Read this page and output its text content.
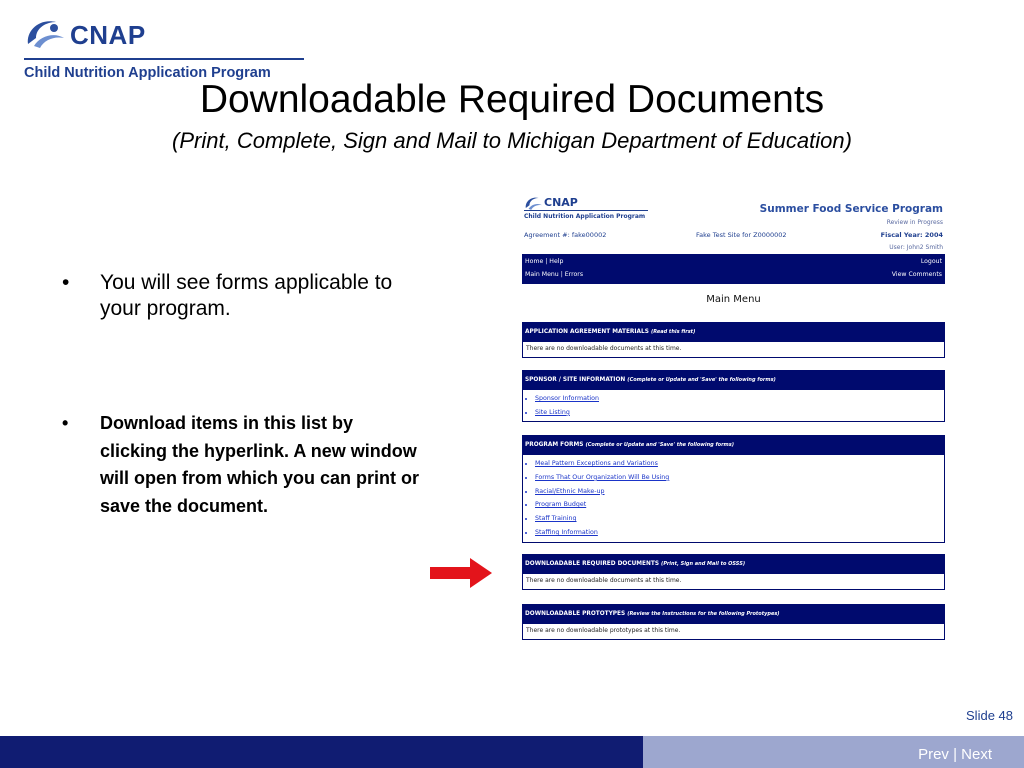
CNAP
Child Nutrition Application Program
Downloadable Required Documents
(Print, Complete, Sign and Mail to Michigan Department of Education)
• You will see forms applicable to your program.
• Download items in this list by clicking the hyperlink. A new window will open from which you can print or save the document.
CNAP
Child Nutrition Application Program
Summer Food Service Program
Review in Progress
Agreement #: fake00002	Fake Test Site for Z0000002	Fiscal Year: 2004
User: John2 Smith
Home | Help
Main Menu | Errors
Logout
View Comments
Main Menu
APPLICATION AGREEMENT MATERIALS (Read this first)
There are no downloadable documents at this time.
SPONSOR / SITE INFORMATION (Complete or Update and 'Save' the following forms)
• Sponsor Information
• Site Listing
PROGRAM FORMS (Complete or Update and 'Save' the following forms)
• Meal Pattern Exceptions and Variations
• Forms That Our Organization Will Be Using
• Racial/Ethnic Make-up
• Program Budget
• Staff Training
• Staffing Information
DOWNLOADABLE REQUIRED DOCUMENTS (Print, Sign and Mail to OSSS)
There are no downloadable documents at this time.
DOWNLOADABLE PROTOTYPES (Review the Instructions for the following Prototypes)
There are no downloadable prototypes at this time.
Slide 48
Prev | Next
